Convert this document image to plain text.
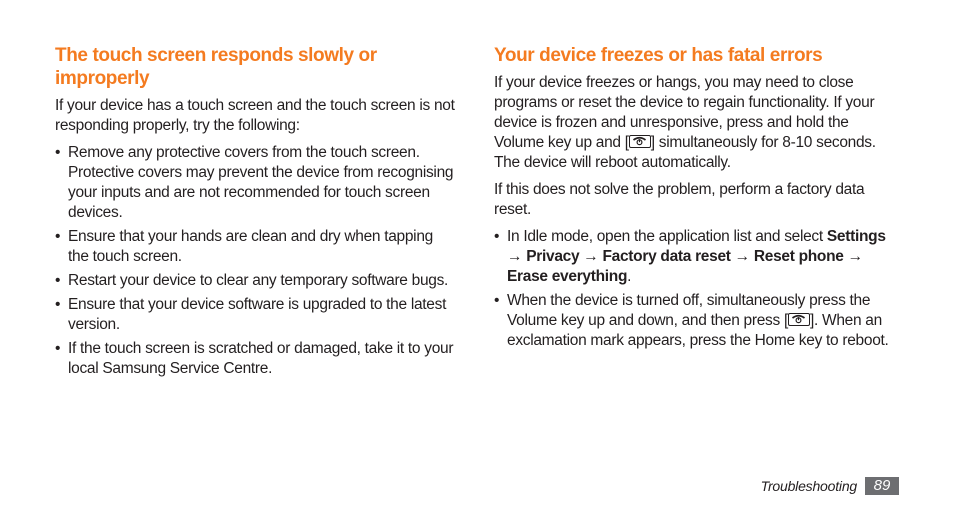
The touch screen responds slowly or improperly

If your device has a touch screen and the touch screen is not responding properly, try the following:

• Remove any protective covers from the touch screen. Protective covers may prevent the device from recognising your inputs and are not recommended for touch screen devices.
• Ensure that your hands are clean and dry when tapping the touch screen.
• Restart your device to clear any temporary software bugs.
• Ensure that your device software is upgraded to the latest version.
• If the touch screen is scratched or damaged, take it to your local Samsung Service Centre.
Your device freezes or has fatal errors

If your device freezes or hangs, you may need to close programs or reset the device to regain functionality. If your device is frozen and unresponsive, press and hold the Volume key up and [ ] simultaneously for 8-10 seconds. The device will reboot automatically.

If this does not solve the problem, perform a factory data reset.

• In Idle mode, open the application list and select Settings → Privacy → Factory data reset → Reset phone → Erase everything.
• When the device is turned off, simultaneously press the Volume key up and down, and then press [ ]. When an exclamation mark appears, press the Home key to reboot.
Troubleshooting	89
